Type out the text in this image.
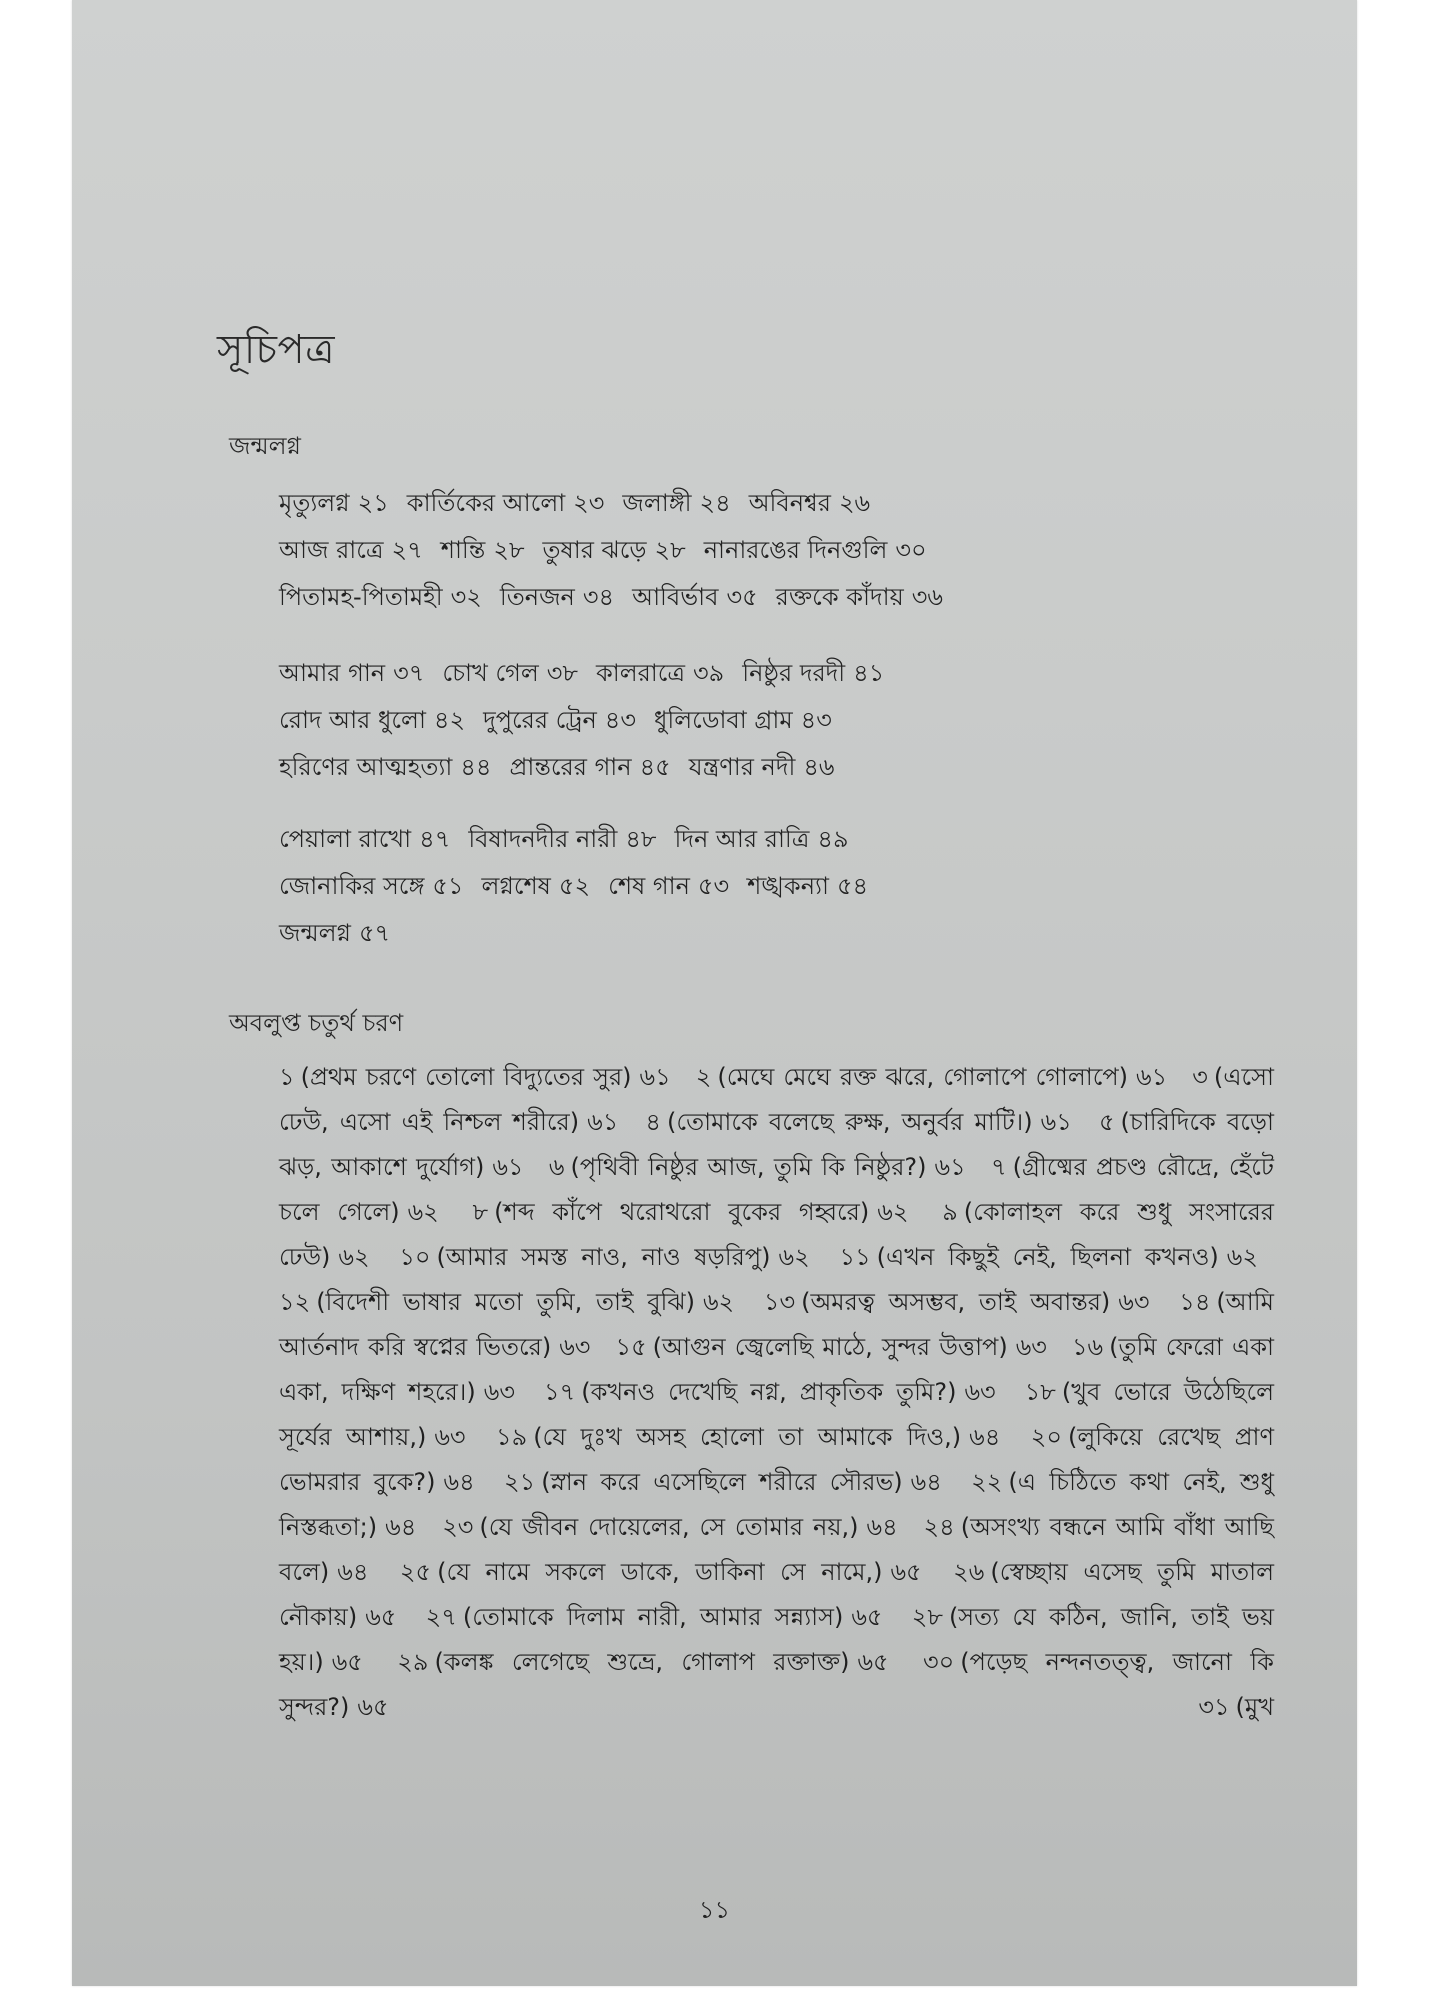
সূচিপত্র
জন্মলগ্ন
মৃত্যুলগ্ন ২১ কার্তিকের আলো ২৩ জলাঙ্গী ২৪ অবিনশ্বর ২৬
আজ রাত্রে ২৭ শান্তি ২৮ তুষার ঝড়ে ২৮ নানারঙের দিনগুলি ৩০
পিতামহ-পিতামহী ৩২ তিনজন ৩৪ আবির্ভাব ৩৫ রক্তকে কাঁদায় ৩৬
আমার গান ৩৭ চোখ গেল ৩৮ কালরাত্রে ৩৯ নিষ্ঠুর দরদী ৪১
রোদ আর ধুলো ৪২ দুপুরের ট্রেন ৪৩ ধুলিডোবা গ্রাম ৪৩
হরিণের আত্মহত্যা ৪৪ প্রান্তরের গান ৪৫ যন্ত্রণার নদী ৪৬
পেয়ালা রাখো ৪৭ বিষাদনদীর নারী ৪৮ দিন আর রাত্রি ৪৯
জোনাকির সঙ্গে ৫১ লগ্নশেষ ৫২ শেষ গান ৫৩ শঙ্খকন্যা ৫৪
জন্মলগ্ন ৫৭
অবলুপ্ত চতুর্থ চরণ
১ (প্রথম চরণে তোলো বিদ্যুতের সুর) ৬১ ২ (মেঘে মেঘে রক্ত ঝরে, গোলাপে গোলাপে) ৬১ ৩ (এসো ঢেউ, এসো এই নিশ্চল শরীরে) ৬১ ৪ (তোমাকে বলেছে রুক্ষ, অনুর্বর মাটি।) ৬১ ৫ (চারিদিকে বড়ো ঝড়, আকাশে দুর্যোগ) ৬১ ৬ (পৃথিবী নিষ্ঠুর আজ, তুমি কি নিষ্ঠুর?) ৬১ ৭ (গ্রীষ্মের প্রচণ্ড রৌদ্রে, হেঁটে চলে গেলে) ৬২ ৮ (শব্দ কাঁপে থরোথরো বুকের গহ্বরে) ৬২ ৯ (কোলাহল করে শুধু সংসারের ঢেউ) ৬২ ১০ (আমার সমস্ত নাও, নাও ষড়রিপু) ৬২ ১১ (এখন কিছুই নেই, ছিলনা কখনও) ৬২ ১২ (বিদেশী ভাষার মতো তুমি, তাই বুঝি) ৬২ ১৩ (অমরত্ব অসম্ভব, তাই অবান্তর) ৬৩ ১৪ (আমি আর্তনাদ করি স্বপ্নের ভিতরে) ৬৩ ১৫ (আগুন জ্বেলেছি মাঠে, সুন্দর উত্তাপ) ৬৩ ১৬ (তুমি ফেরো একা একা, দক্ষিণ শহরে।) ৬৩ ১৭ (কখনও দেখেছি নগ্ন, প্রাকৃতিক তুমি?) ৬৩ ১৮ (খুব ভোরে উঠেছিলে সূর্যের আশায়,) ৬৩ ১৯ (যে দুঃখ অসহ হোলো তা আমাকে দিও,) ৬৪ ২০ (লুকিয়ে রেখেছ প্রাণ ভোমরার বুকে?) ৬৪ ২১ (স্নান করে এসেছিলে শরীরে সৌরভ) ৬৪ ২২ (এ চিঠিতে কথা নেই, শুধু নিস্তব্ধতা;) ৬৪ ২৩ (যে জীবন দোয়েলের, সে তোমার নয়,) ৬৪ ২৪ (অসংখ্য বন্ধনে আমি বাঁধা আছি বলে) ৬৪ ২৫ (যে নামে সকলে ডাকে, ডাকিনা সে নামে,) ৬৫ ২৬ (স্বেচ্ছায় এসেছ তুমি মাতাল নৌকায়) ৬৫ ২৭ (তোমাকে দিলাম নারী, আমার সন্ন্যাস) ৬৫ ২৮ (সত্য যে কঠিন, জানি, তাই ভয় হয়।) ৬৫ ২৯ (কলঙ্ক লেগেছে শুভ্রে, গোলাপ রক্তাক্ত) ৬৫ ৩০ (পড়েছ নন্দনতত্ত্ব, জানো কি সুন্দর?) ৬৫	৩১ (মুখ
১১
